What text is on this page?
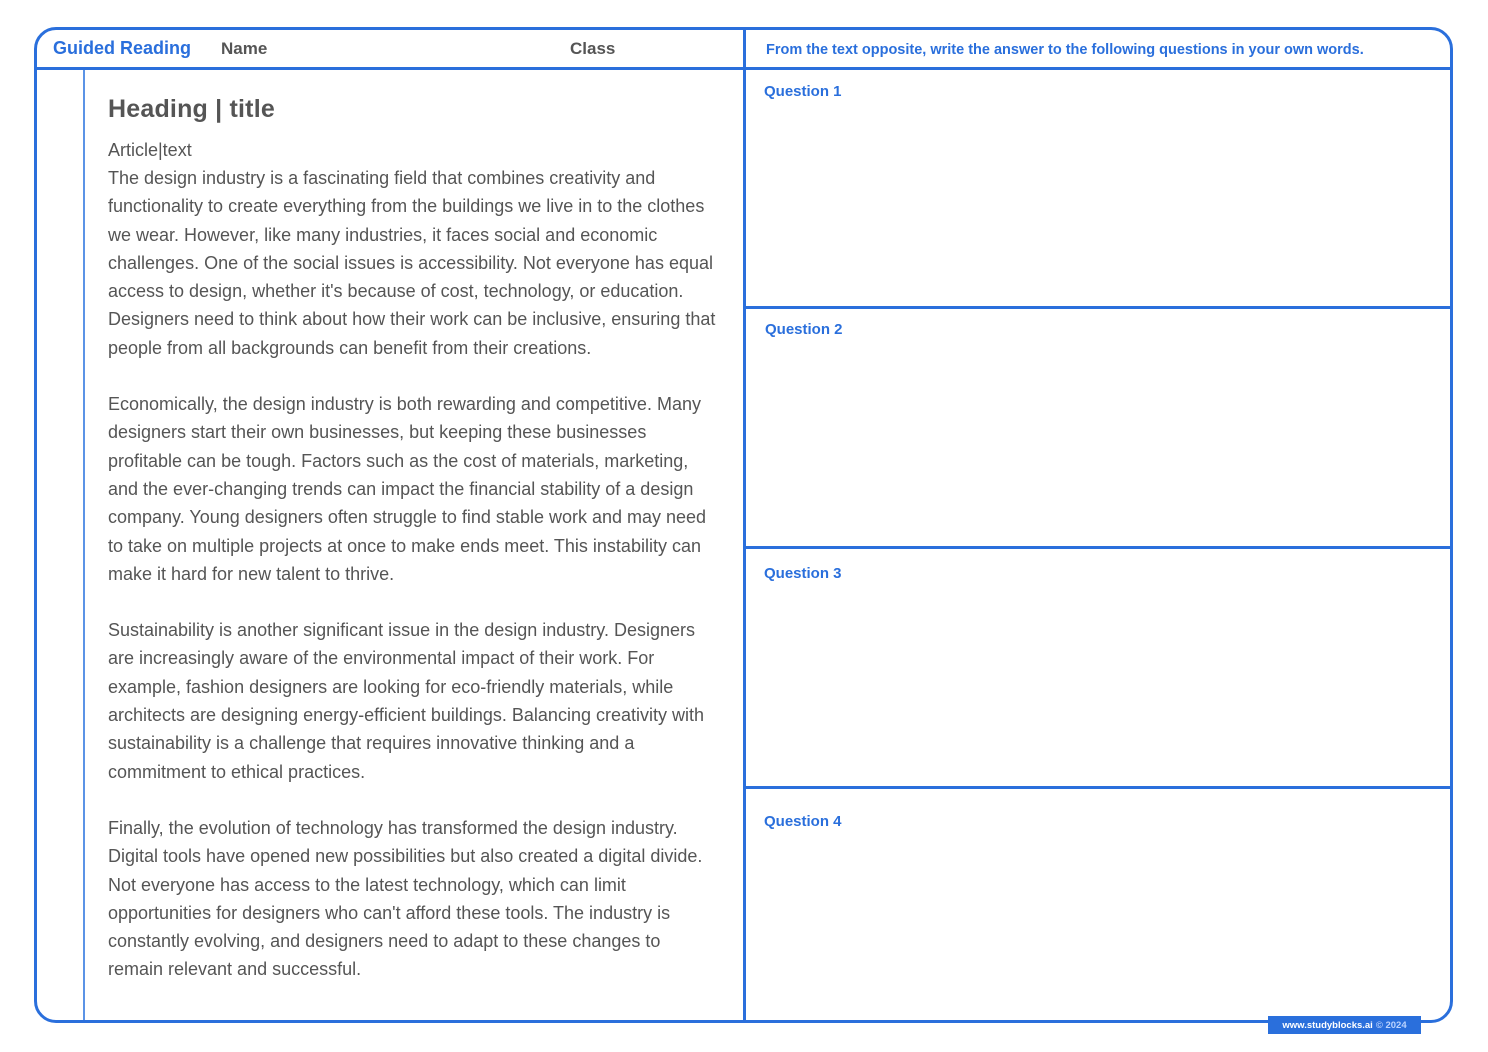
Guided Reading Name	Class	From the text opposite, write the answer to the following questions in your own words.
Heading | title
Article|text

The design industry is a fascinating field that combines creativity and functionality to create everything from the buildings we live in to the clothes we wear. However, like many industries, it faces social and economic challenges. One of the social issues is accessibility. Not everyone has equal access to design, whether it's because of cost, technology, or education. Designers need to think about how their work can be inclusive, ensuring that people from all backgrounds can benefit from their creations.

Economically, the design industry is both rewarding and competitive. Many designers start their own businesses, but keeping these businesses profitable can be tough. Factors such as the cost of materials, marketing, and the ever-changing trends can impact the financial stability of a design company. Young designers often struggle to find stable work and may need to take on multiple projects at once to make ends meet. This instability can make it hard for new talent to thrive.

Sustainability is another significant issue in the design industry. Designers are increasingly aware of the environmental impact of their work. For example, fashion designers are looking for eco-friendly materials, while architects are designing energy-efficient buildings. Balancing creativity with sustainability is a challenge that requires innovative thinking and a commitment to ethical practices.

Finally, the evolution of technology has transformed the design industry. Digital tools have opened new possibilities but also created a digital divide. Not everyone has access to the latest technology, which can limit opportunities for designers who can't afford these tools. The industry is constantly evolving, and designers need to adapt to these changes to remain relevant and successful.

Question 1
Question 2
Question 3
Question 4
www.studyblocks.ai © 2024
